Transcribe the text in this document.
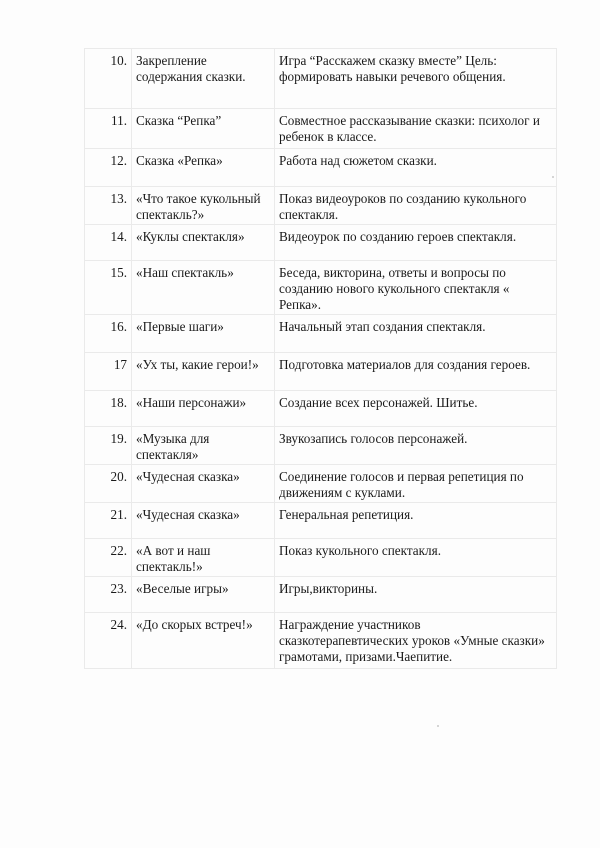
10.	Закрепление содержания сказки.	Игра “Расскажем сказку вместе” Цель: формировать навыки речевого общения.
11.	Сказка “Репка”	Совместное рассказывание сказки: психолог и ребенок в классе.
12.	Сказка «Репка»	Работа над сюжетом сказки.
13.	«Что такое кукольный спектакль?»	Показ видеоуроков по созданию кукольного спектакля.
14.	«Куклы спектакля»	Видеоурок по созданию героев спектакля.
15.	«Наш спектакль»	Беседа, викторина, ответы и вопросы по созданию нового кукольного спектакля « Репка».
16.	«Первые шаги»	Начальный этап создания спектакля.
17	«Ух ты, какие герои!»	Подготовка материалов для создания героев.
18.	«Наши персонажи»	Создание всех персонажей. Шитье.
19.	«Музыка для спектакля»	Звукозапись голосов персонажей.
20.	«Чудесная сказка»	Соединение голосов и первая репетиция по движениям с куклами.
21.	«Чудесная сказка»	Генеральная репетиция.
22.	«А вот и наш спектакль!»	Показ кукольного спектакля.
23.	«Веселые игры»	Игры,викторины.
24.	«До скорых встреч!»	Награждение участников сказкотерапевтических уроков «Умные сказки» грамотами, призами.Чаепитие.
